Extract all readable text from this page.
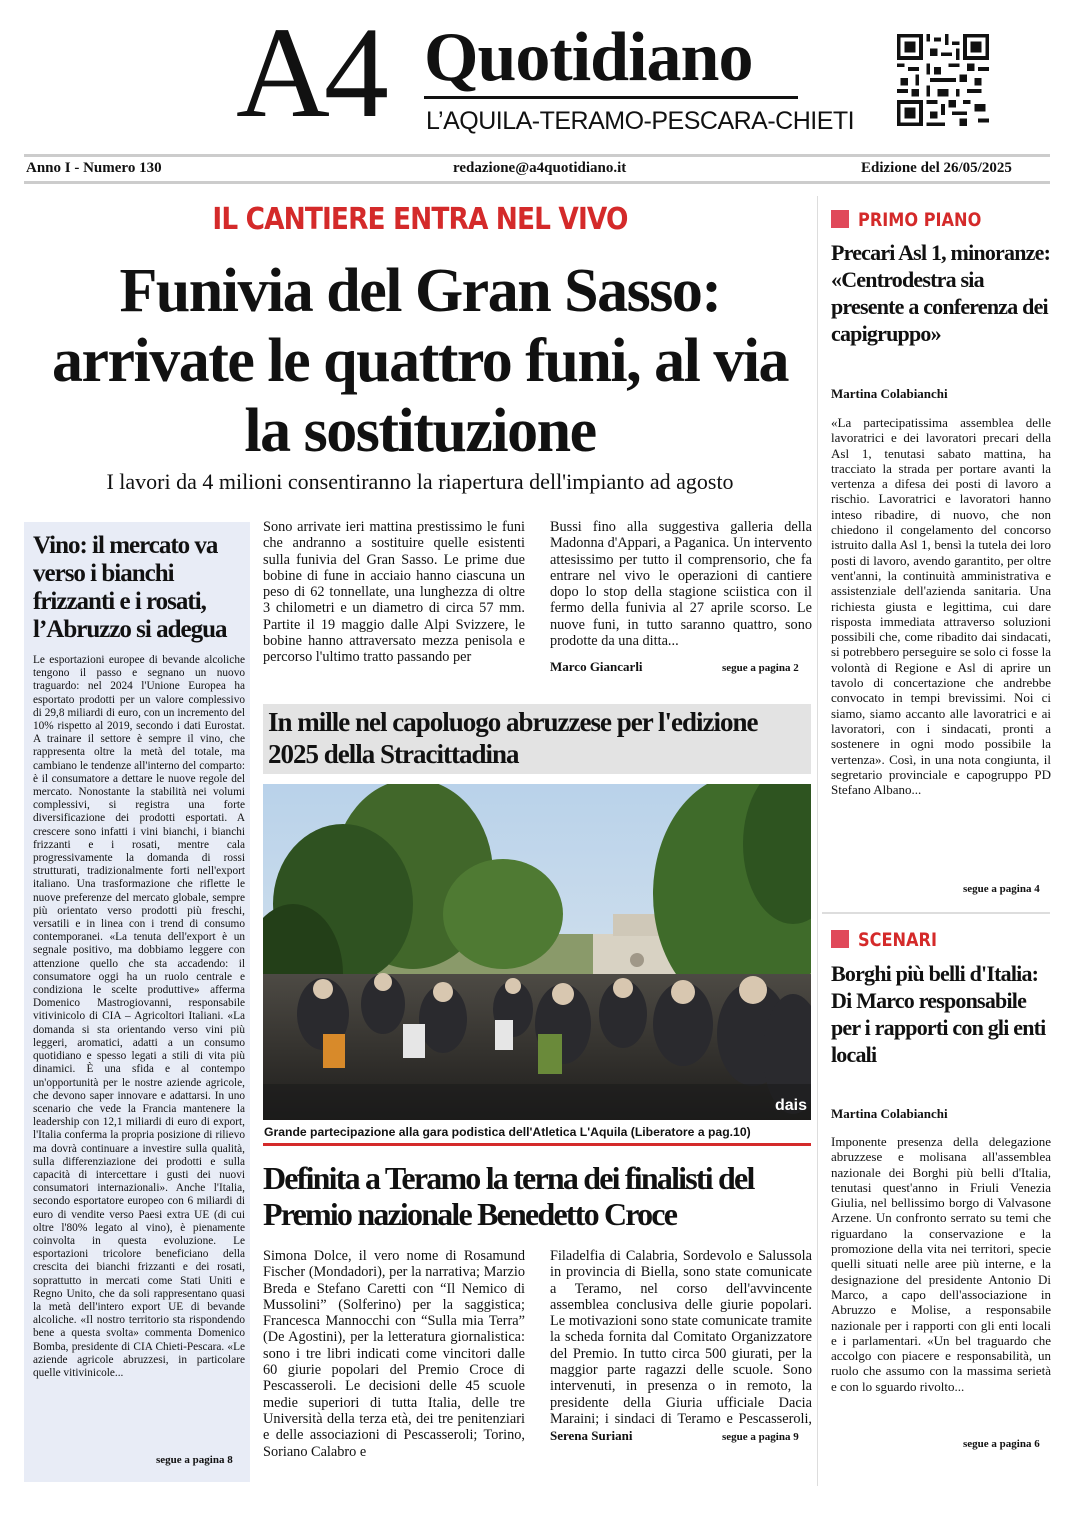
A4 Quotidiano
L’AQUILA-TERAMO-PESCARA-CHIETI
Anno I - Numero 130	redazione@a4quotidiano.it	Edizione del 26/05/2025
IL CANTIERE ENTRA NEL VIVO
Funivia del Gran Sasso: arrivate le quattro funi, al via la sostituzione
I lavori da 4 milioni consentiranno la riapertura dell'impianto ad agosto
Sono arrivate ieri mattina prestissimo le funi che andranno a sostituire quelle esistenti sulla funivia del Gran Sasso. Le prime due bobine di fune in acciaio hanno ciascuna un peso di 62 tonnellate, una lunghezza di oltre 3 chilometri e un diametro di circa 57 mm. Partite il 19 maggio dalle Alpi Svizzere, le bobine hanno attraversato mezza penisola e percorso l'ultimo tratto passando per
Bussi fino alla suggestiva galleria della Madonna d'Appari, a Paganica. Un intervento attesissimo per tutto il comprensorio, che fa entrare nel vivo le operazioni di cantiere dopo lo stop della stagione sciistica con il fermo della funivia al 27 aprile scorso. Le nuove funi, in tutto saranno quattro, sono prodotte da una ditta...
Marco Giancarli	segue a pagina 2
Vino: il mercato va verso i bianchi frizzanti e i rosati, l’Abruzzo si adegua
Le esportazioni europee di bevande alcoliche tengono il passo e segnano un nuovo traguardo: nel 2024 l'Unione Europea ha esportato prodotti per un valore complessivo di 29,8 miliardi di euro, con un incremento del 10% rispetto al 2019, secondo i dati Eurostat. A trainare il settore è sempre il vino, che rappresenta oltre la metà del totale, ma cambiano le tendenze all'interno del comparto: è il consumatore a dettare le nuove regole del mercato. Nonostante la stabilità nei volumi complessivi, si registra una forte diversificazione dei prodotti esportati. A crescere sono infatti i vini bianchi, i bianchi frizzanti e i rosati, mentre cala progressivamente la domanda di rossi strutturati, tradizionalmente forti nell'export italiano. Una trasformazione che riflette le nuove preferenze del mercato globale, sempre più orientato verso prodotti più freschi, versatili e in linea con i trend di consumo contemporanei. «La tenuta dell'export è un segnale positivo, ma dobbiamo leggere con attenzione quello che sta accadendo: il consumatore oggi ha un ruolo centrale e condiziona le scelte produttive» afferma Domenico Mastrogiovanni, responsabile vitivinicolo di CIA – Agricoltori Italiani. «La domanda si sta orientando verso vini più leggeri, aromatici, adatti a un consumo quotidiano e spesso legati a stili di vita più dinamici. È una sfida e al contempo un'opportunità per le nostre aziende agricole, che devono saper innovare e adattarsi. In uno scenario che vede la Francia mantenere la leadership con 12,1 miliardi di euro di export, l'Italia conferma la propria posizione di rilievo ma dovrà continuare a investire sulla qualità, sulla differenziazione dei prodotti e sulla capacità di intercettare i gusti dei nuovi consumatori internazionali». Anche l'Italia, secondo esportatore europeo con 6 miliardi di euro di vendite verso Paesi extra UE (di cui oltre l'80% legato al vino), è pienamente coinvolta in questa evoluzione. Le esportazioni tricolore beneficiano della crescita dei bianchi frizzanti e dei rosati, soprattutto in mercati come Stati Uniti e Regno Unito, che da soli rappresentano quasi la metà dell'intero export UE di bevande alcoliche. «Il nostro territorio sta rispondendo bene a questa svolta» commenta Domenico Bomba, presidente di CIA Chieti-Pescara. «Le aziende agricole abruzzesi, in particolare quelle vitivinicole...
segue a pagina 8
In mille nel capoluogo abruzzese per l'edizione 2025 della Stracittadina
dais
Grande partecipazione alla gara podistica dell'Atletica L'Aquila (Liberatore a pag.10)
Definita a Teramo la terna dei finalisti del Premio nazionale Benedetto Croce
Simona Dolce, il vero nome di Rosamund Fischer (Mondadori), per la narrativa; Marzio Breda e Stefano Caretti con “Il Nemico di Mussolini” (Solferino) per la saggistica; Francesca Mannocchi con “Sulla mia Terra” (De Agostini), per la letteratura giornalistica: sono i tre libri indicati come vincitori dalle 60 giurie popolari del Premio Croce di Pescasseroli. Le decisioni delle 45 scuole medie superiori di tutta Italia, delle tre Università della terza età, dei tre penitenziari e delle associazioni di Pescasseroli; Torino, Soriano Calabro e
Filadelfia di Calabria, Sordevolo e Salussola in provincia di Biella, sono state comunicate a Teramo, nel corso dell'avvincente assemblea conclusiva delle giurie popolari. Le motivazioni sono state comunicate tramite la scheda fornita dal Comitato Organizzatore del Premio. In tutto circa 500 giurati, per la maggior parte ragazzi delle scuole. Sono intervenuti, in presenza o in remoto, la presidente della Giuria ufficiale Dacia Maraini; i sindaci di Teramo e Pescasseroli,
Serena Suriani	segue a pagina 9
PRIMO PIANO
Precari Asl 1, minoranze: «Centrodestra sia presente a conferenza dei capigruppo»
Martina Colabianchi
«La partecipatissima assemblea delle lavoratrici e dei lavoratori precari della Asl 1, tenutasi sabato mattina, ha tracciato la strada per portare avanti la vertenza a difesa dei posti di lavoro a rischio. Lavoratrici e lavoratori hanno inteso ribadire, di nuovo, che non chiedono il congelamento del concorso istruito dalla Asl 1, bensì la tutela dei loro posti di lavoro, avendo garantito, per oltre vent'anni, la continuità amministrativa e assistenziale dell'azienda sanitaria. Una richiesta giusta e legittima, cui dare risposta immediata attraverso soluzioni possibili che, come ribadito dai sindacati, si potrebbero perseguire se solo ci fosse la volontà di Regione e Asl di aprire un tavolo di concertazione che andrebbe convocato in tempi brevissimi. Noi ci siamo, siamo accanto alle lavoratrici e ai lavoratori, con i sindacati, pronti a sostenere in ogni modo possibile la vertenza». Così, in una nota congiunta, il segretario provinciale e capogruppo PD Stefano Albano...
segue a pagina 4
SCENARI
Borghi più belli d'Italia: Di Marco responsabile per i rapporti con gli enti locali
Martina Colabianchi
Imponente presenza della delegazione abruzzese e molisana all'assemblea nazionale dei Borghi più belli d'Italia, tenutasi quest'anno in Friuli Venezia Giulia, nel bellissimo borgo di Valvasone Arzene. Un confronto serrato su temi che riguardano la conservazione e la promozione della vita nei territori, specie quelli situati nelle aree più interne, e la designazione del presidente Antonio Di Marco, a capo dell'associazione in Abruzzo e Molise, a responsabile nazionale per i rapporti con gli enti locali e i parlamentari. «Un bel traguardo che accolgo con piacere e responsabilità, un ruolo che assumo con la massima serietà e con lo sguardo rivolto...
segue a pagina 6
